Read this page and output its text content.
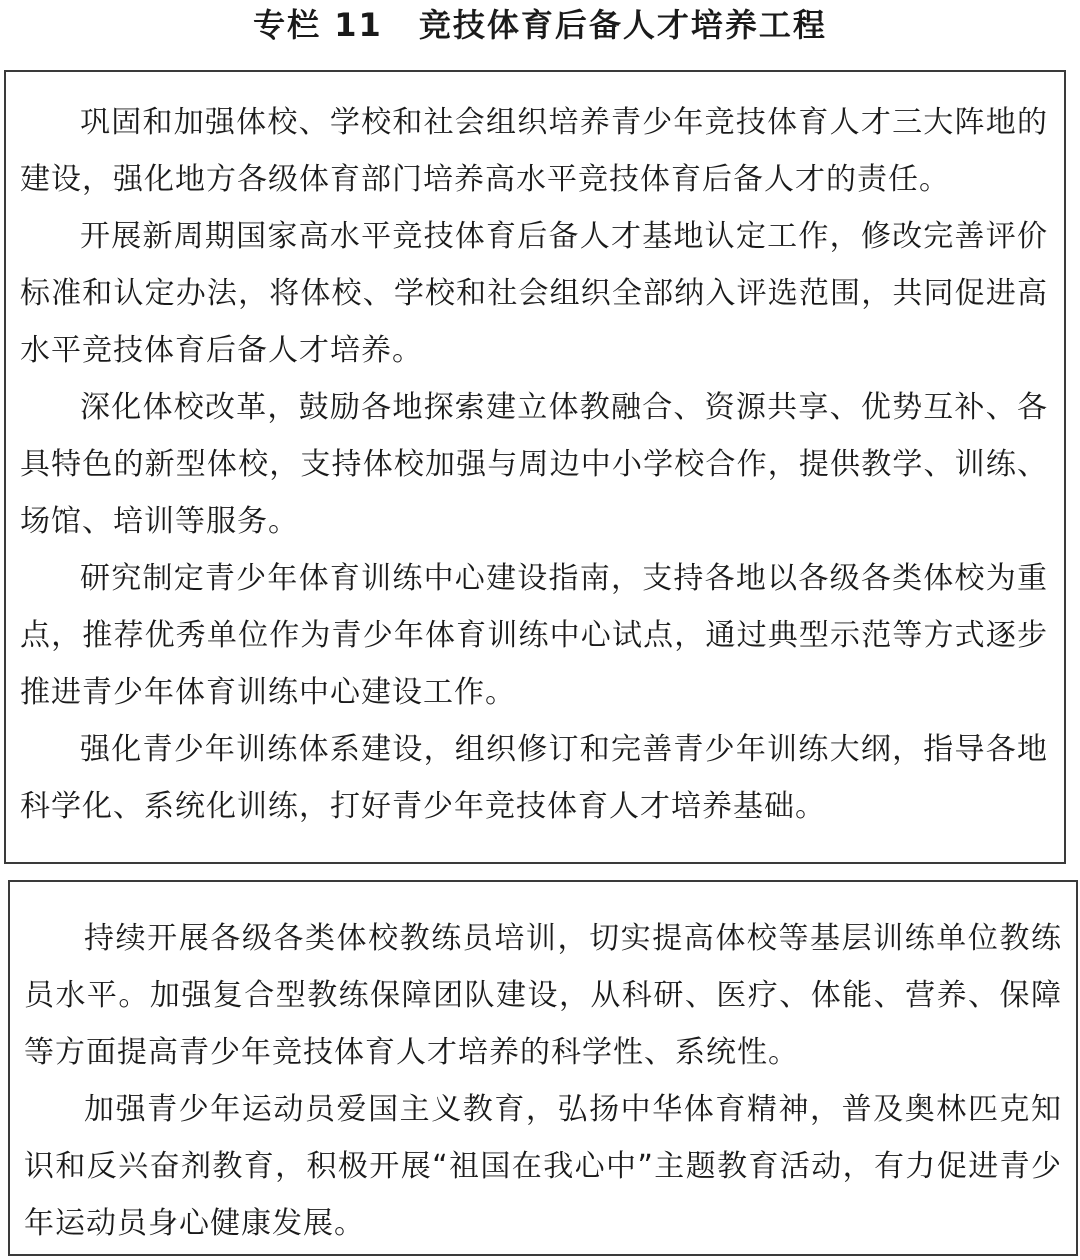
专栏 11 竞技体育后备人才培养工程

巩固和加强体校、学校和社会组织培养青少年竞技体育人才三大阵地的建设，强化地方各级体育部门培养高水平竞技体育后备人才的责任。

开展新周期国家高水平竞技体育后备人才基地认定工作，修改完善评价标准和认定办法，将体校、学校和社会组织全部纳入评选范围，共同促进高水平竞技体育后备人才培养。

深化体校改革，鼓励各地探索建立体教融合、资源共享、优势互补、各具特色的新型体校，支持体校加强与周边中小学校合作，提供教学、训练、场馆、培训等服务。

研究制定青少年体育训练中心建设指南，支持各地以各级各类体校为重点，推荐优秀单位作为青少年体育训练中心试点，通过典型示范等方式逐步推进青少年体育训练中心建设工作。

强化青少年训练体系建设，组织修订和完善青少年训练大纲，指导各地科学化、系统化训练，打好青少年竞技体育人才培养基础。

持续开展各级各类体校教练员培训，切实提高体校等基层训练单位教练员水平。加强复合型教练保障团队建设，从科研、医疗、体能、营养、保障等方面提高青少年竞技体育人才培养的科学性、系统性。

加强青少年运动员爱国主义教育，弘扬中华体育精神，普及奥林匹克知识和反兴奋剂教育，积极开展“祖国在我心中”主题教育活动，有力促进青少年运动员身心健康发展。
